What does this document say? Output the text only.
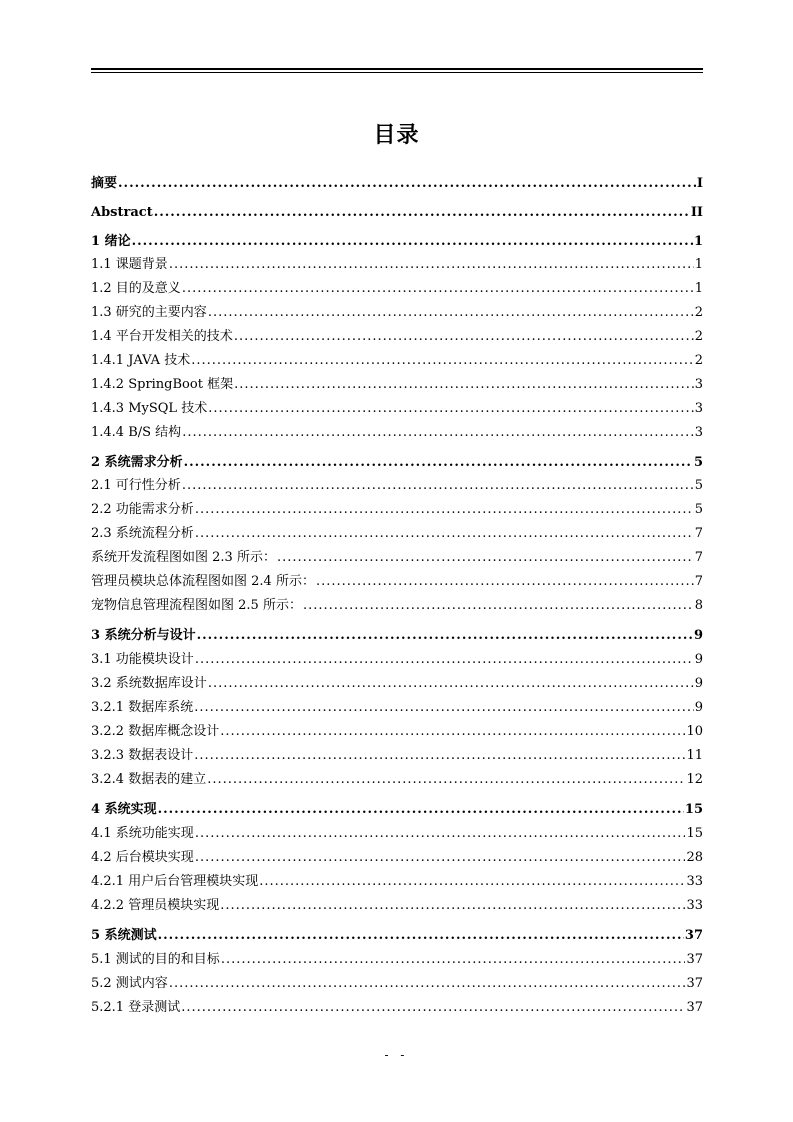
目录
摘要 .....	I
Abstract .....	II
1 绪论 .....	1
1.1 课题背景 .....	1
1.2 目的及意义 .....	1
1.3 研究的主要内容 .....	2
1.4 平台开发相关的技术 .....	2
1.4.1 JAVA 技术 .....	2
1.4.2 SpringBoot 框架 .....	3
1.4.3 MySQL 技术 .....	3
1.4.4 B/S 结构 .....	3
2 系统需求分析 .....	5
2.1 可行性分析 .....	5
2.2 功能需求分析 .....	5
2.3 系统流程分析 .....	7
系统开发流程图如图 2.3 所示： .....	7
管理员模块总体流程图如图 2.4 所示： .....	7
宠物信息管理流程图如图 2.5 所示： .....	8
3 系统分析与设计 .....	9
3.1 功能模块设计 .....	9
3.2 系统数据库设计 .....	9
3.2.1 数据库系统 .....	9
3.2.2 数据库概念设计 .....	10
3.2.3 数据表设计 .....	11
3.2.4 数据表的建立 .....	12
4 系统实现 .....	15
4.1 系统功能实现 .....	15
4.2 后台模块实现 .....	28
4.2.1 用户后台管理模块实现 .....	33
4.2.2 管理员模块实现 .....	33
5 系统测试 .....	37
5.1 测试的目的和目标 .....	37
5.2 测试内容 .....	37
5.2.1 登录测试 .....	37
- -
